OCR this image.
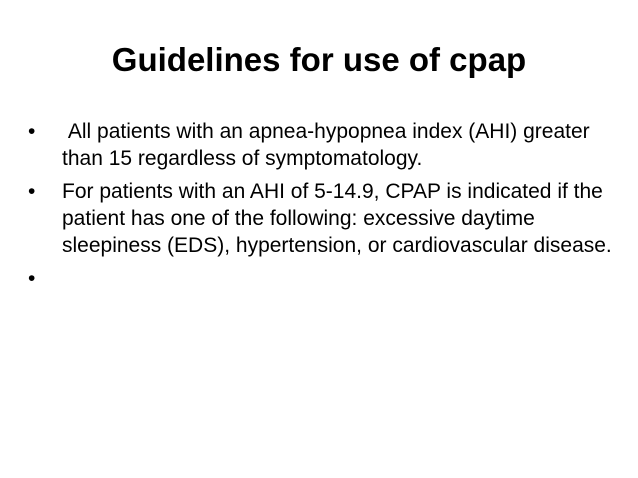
Guidelines for use of cpap
•	All patients with an apnea-hypopnea index (AHI) greater than 15 regardless of symptomatology.
•	For patients with an AHI of 5-14.9, CPAP is indicated if the patient has one of the following: excessive daytime sleepiness (EDS), hypertension, or cardiovascular disease.
•
